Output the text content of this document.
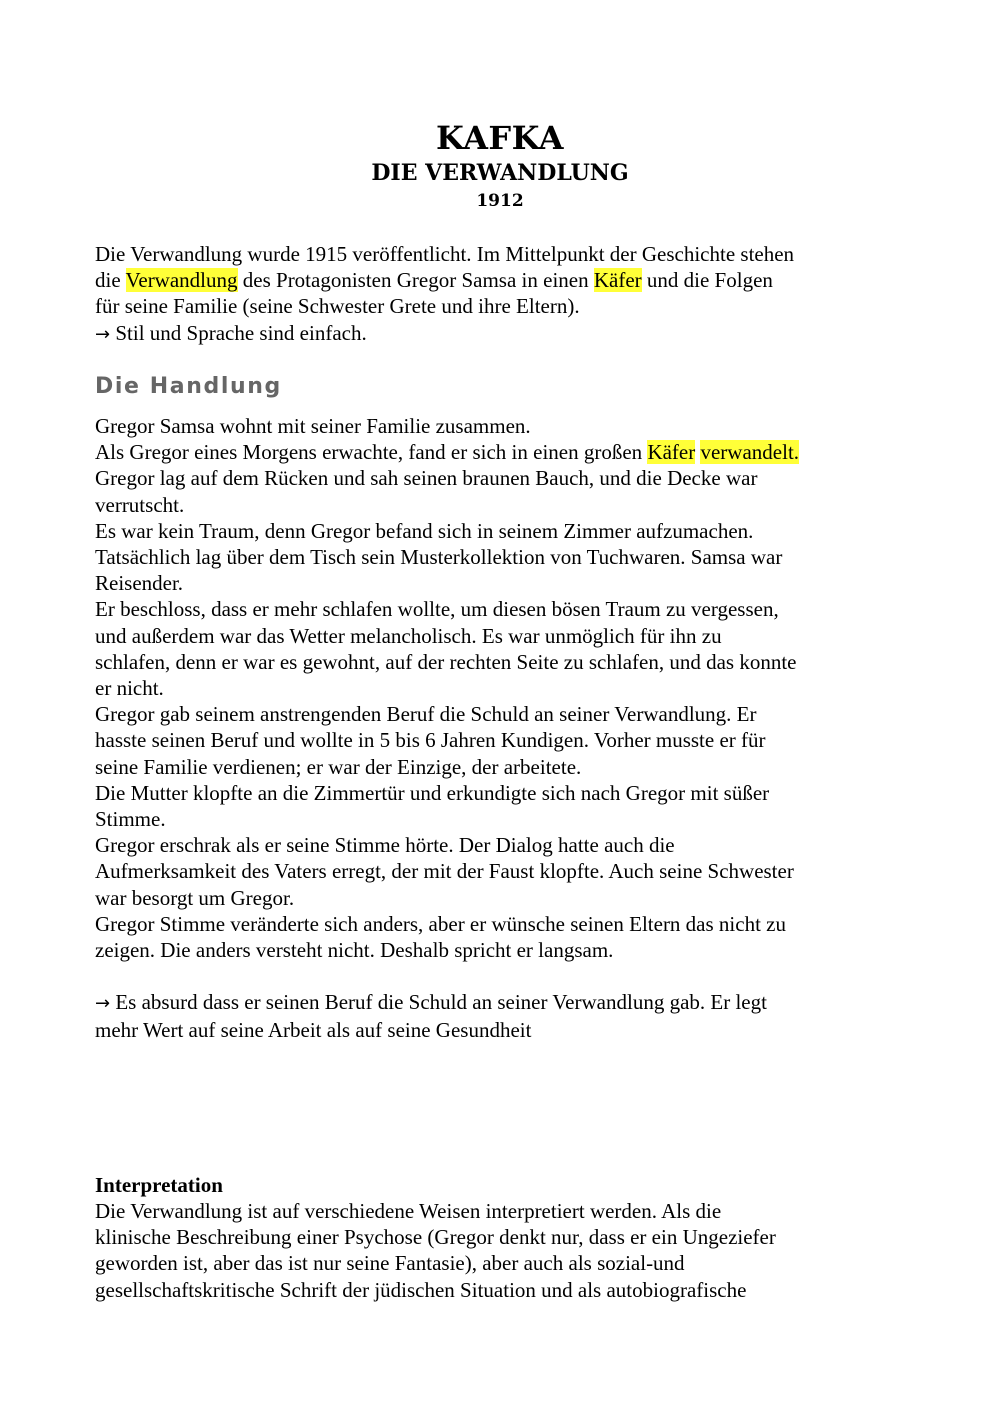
KAFKA
DIE VERWANDLUNG
1912
Die Verwandlung wurde 1915 veröffentlicht. Im Mittelpunkt der Geschichte stehen
die Verwandlung des Protagonisten Gregor Samsa in einen Käfer und die Folgen
für seine Familie (seine Schwester Grete und ihre Eltern).
→ Stil und Sprache sind einfach.
Die Handlung
Gregor Samsa wohnt mit seiner Familie zusammen.
Als Gregor eines Morgens erwachte, fand er sich in einen großen Käfer verwandelt.
Gregor lag auf dem Rücken und sah seinen braunen Bauch, und die Decke war
verrutscht.
Es war kein Traum, denn Gregor befand sich in seinem Zimmer aufzumachen.
Tatsächlich lag über dem Tisch sein Musterkollektion von Tuchwaren. Samsa war
Reisender.
Er beschloss, dass er mehr schlafen wollte, um diesen bösen Traum zu vergessen,
und außerdem war das Wetter melancholisch. Es war unmöglich für ihn zu
schlafen, denn er war es gewohnt, auf der rechten Seite zu schlafen, und das konnte
er nicht.
Gregor gab seinem anstrengenden Beruf die Schuld an seiner Verwandlung. Er
hasste seinen Beruf und wollte in 5 bis 6 Jahren Kundigen. Vorher musste er für
seine Familie verdienen; er war der Einzige, der arbeitete.
Die Mutter klopfte an die Zimmertür und erkundigte sich nach Gregor mit süßer
Stimme.
Gregor erschrak als er seine Stimme hörte. Der Dialog hatte auch die
Aufmerksamkeit des Vaters erregt, der mit der Faust klopfte. Auch seine Schwester
war besorgt um Gregor.
Gregor Stimme veränderte sich anders, aber er wünsche seinen Eltern das nicht zu
zeigen. Die anders versteht nicht. Deshalb spricht er langsam.
→ Es absurd dass er seinen Beruf die Schuld an seiner Verwandlung gab. Er legt
mehr Wert auf seine Arbeit als auf seine Gesundheit
Interpretation
Die Verwandlung ist auf verschiedene Weisen interpretiert werden. Als die
klinische Beschreibung einer Psychose (Gregor denkt nur, dass er ein Ungeziefer
geworden ist, aber das ist nur seine Fantasie), aber auch als sozial-und
gesellschaftskritische Schrift der jüdischen Situation und als autobiografische
